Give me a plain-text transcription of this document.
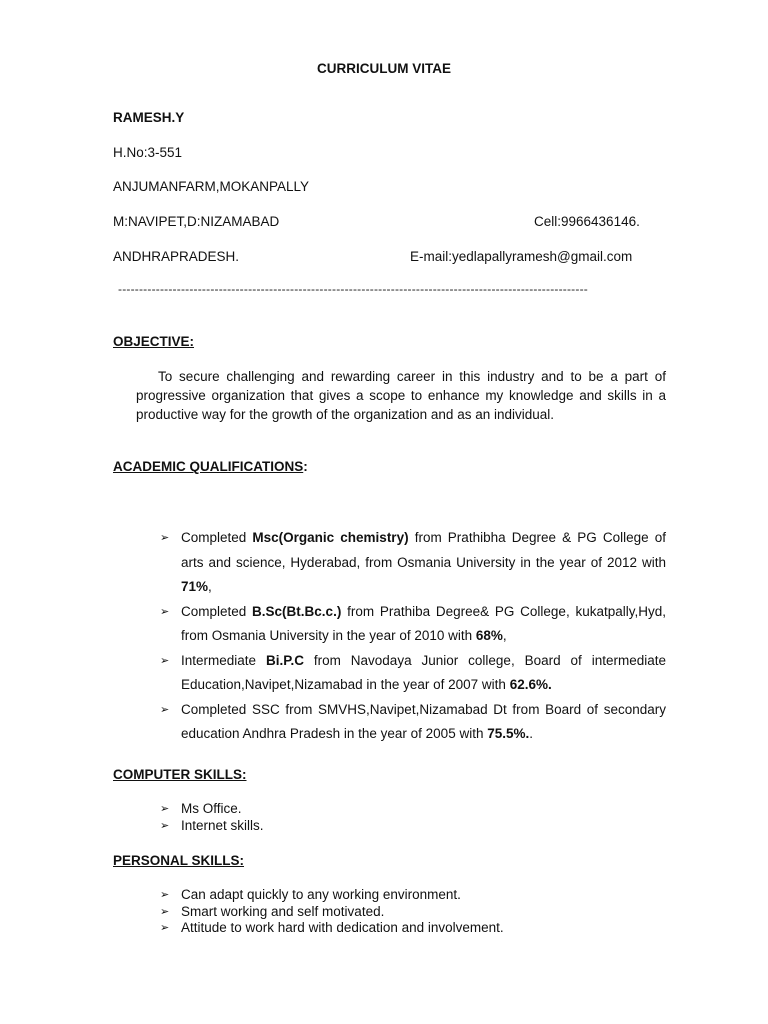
CURRICULUM VITAE
RAMESH.Y
H.No:3-551
ANJUMANFARM,MOKANPALLY
M:NAVIPET,D:NIZAMABAD	Cell:9966436146.
ANDHRAPRADESH.	E-mail:yedlapallyramesh@gmail.com
----------------------------------------------------------------------------------------------------------------
OBJECTIVE:
To secure challenging and rewarding career in this industry and to be a part of progressive organization that gives a scope to enhance my knowledge and skills in a productive way for the growth of the organization and as an individual.
ACADEMIC QUALIFICATIONS:
➢ Completed Msc(Organic chemistry) from Prathibha Degree & PG College of arts and science, Hyderabad, from Osmania University in the year of 2012 with 71%,
➢ Completed B.Sc(Bt.Bc.c.) from Prathiba Degree& PG College, kukatpally,Hyd, from Osmania University in the year of 2010 with 68%,
➢ Intermediate Bi.P.C from Navodaya Junior college, Board of intermediate Education,Navipet,Nizamabad in the year of 2007 with 62.6%.
➢ Completed SSC from SMVHS,Navipet,Nizamabad Dt from Board of secondary education Andhra Pradesh in the year of 2005 with 75.5%..
COMPUTER SKILLS:
➢ Ms Office.
➢ Internet skills.
PERSONAL SKILLS:
➢ Can adapt quickly to any working environment.
➢ Smart working and self motivated.
➢ Attitude to work hard with dedication and involvement.
